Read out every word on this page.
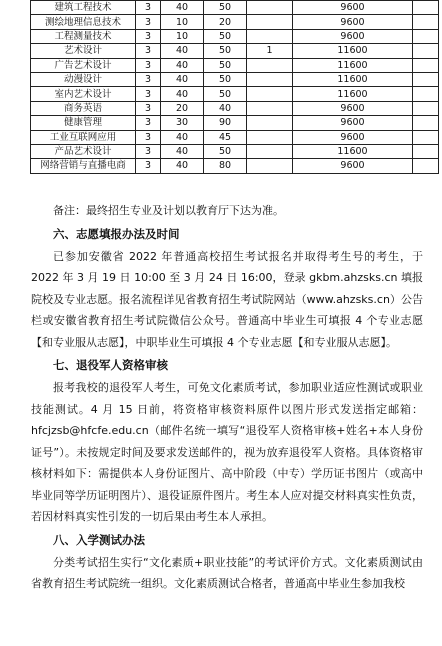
建筑工程技术	3	40	50		9600	
测绘地理信息技术	3	10	20		9600	
工程测量技术	3	10	50		9600	
艺术设计	3	40	50	1	11600	
广告艺术设计	3	40	50		11600	
动漫设计	3	40	50		11600	
室内艺术设计	3	40	50		11600	
商务英语	3	20	40		9600	
健康管理	3	30	90		9600	
工业互联网应用	3	40	45		9600	
产品艺术设计	3	40	50		11600	
网络营销与直播电商	3	40	80		9600	

备注：最终招生专业及计划以教育厅下达为准。

六、志愿填报办法及时间

已参加安徽省 2022 年普通高校招生考试报名并取得考生号的考生，于 2022 年 3 月 19 日 10:00 至 3 月 24 日 16:00，登录 gkbm.ahzsks.cn 填报院校及专业志愿。报名流程详见省教育招生考试院网站（www.ahzsks.cn）公告栏或安徽省教育招生考试院微信公众号。普通高中毕业生可填报 4 个专业志愿【和专业服从志愿】，中职毕业生可填报 4 个专业志愿【和专业服从志愿】。

七、退役军人资格审核

报考我校的退役军人考生，可免文化素质考试，参加职业适应性测试或职业技能测试。4 月 15 日前，将资格审核资料原件以图片形式发送指定邮箱：hfcjzsb@hfcfe.edu.cn（邮件名统一填写“退役军人资格审核+姓名+本人身份证号”）。未按规定时间及要求发送邮件的，视为放弃退役军人资格。具体资格审核材料如下：需提供本人身份证图片、高中阶段（中专）学历证书图片（或高中毕业同等学历证明图片）、退役证原件图片。考生本人应对提交材料真实性负责，若因材料真实性引发的一切后果由考生本人承担。

八、入学测试办法

分类考试招生实行“文化素质+职业技能”的考试评价方式。文化素质测试由省教育招生考试院统一组织。文化素质测试合格者，普通高中毕业生参加我校
